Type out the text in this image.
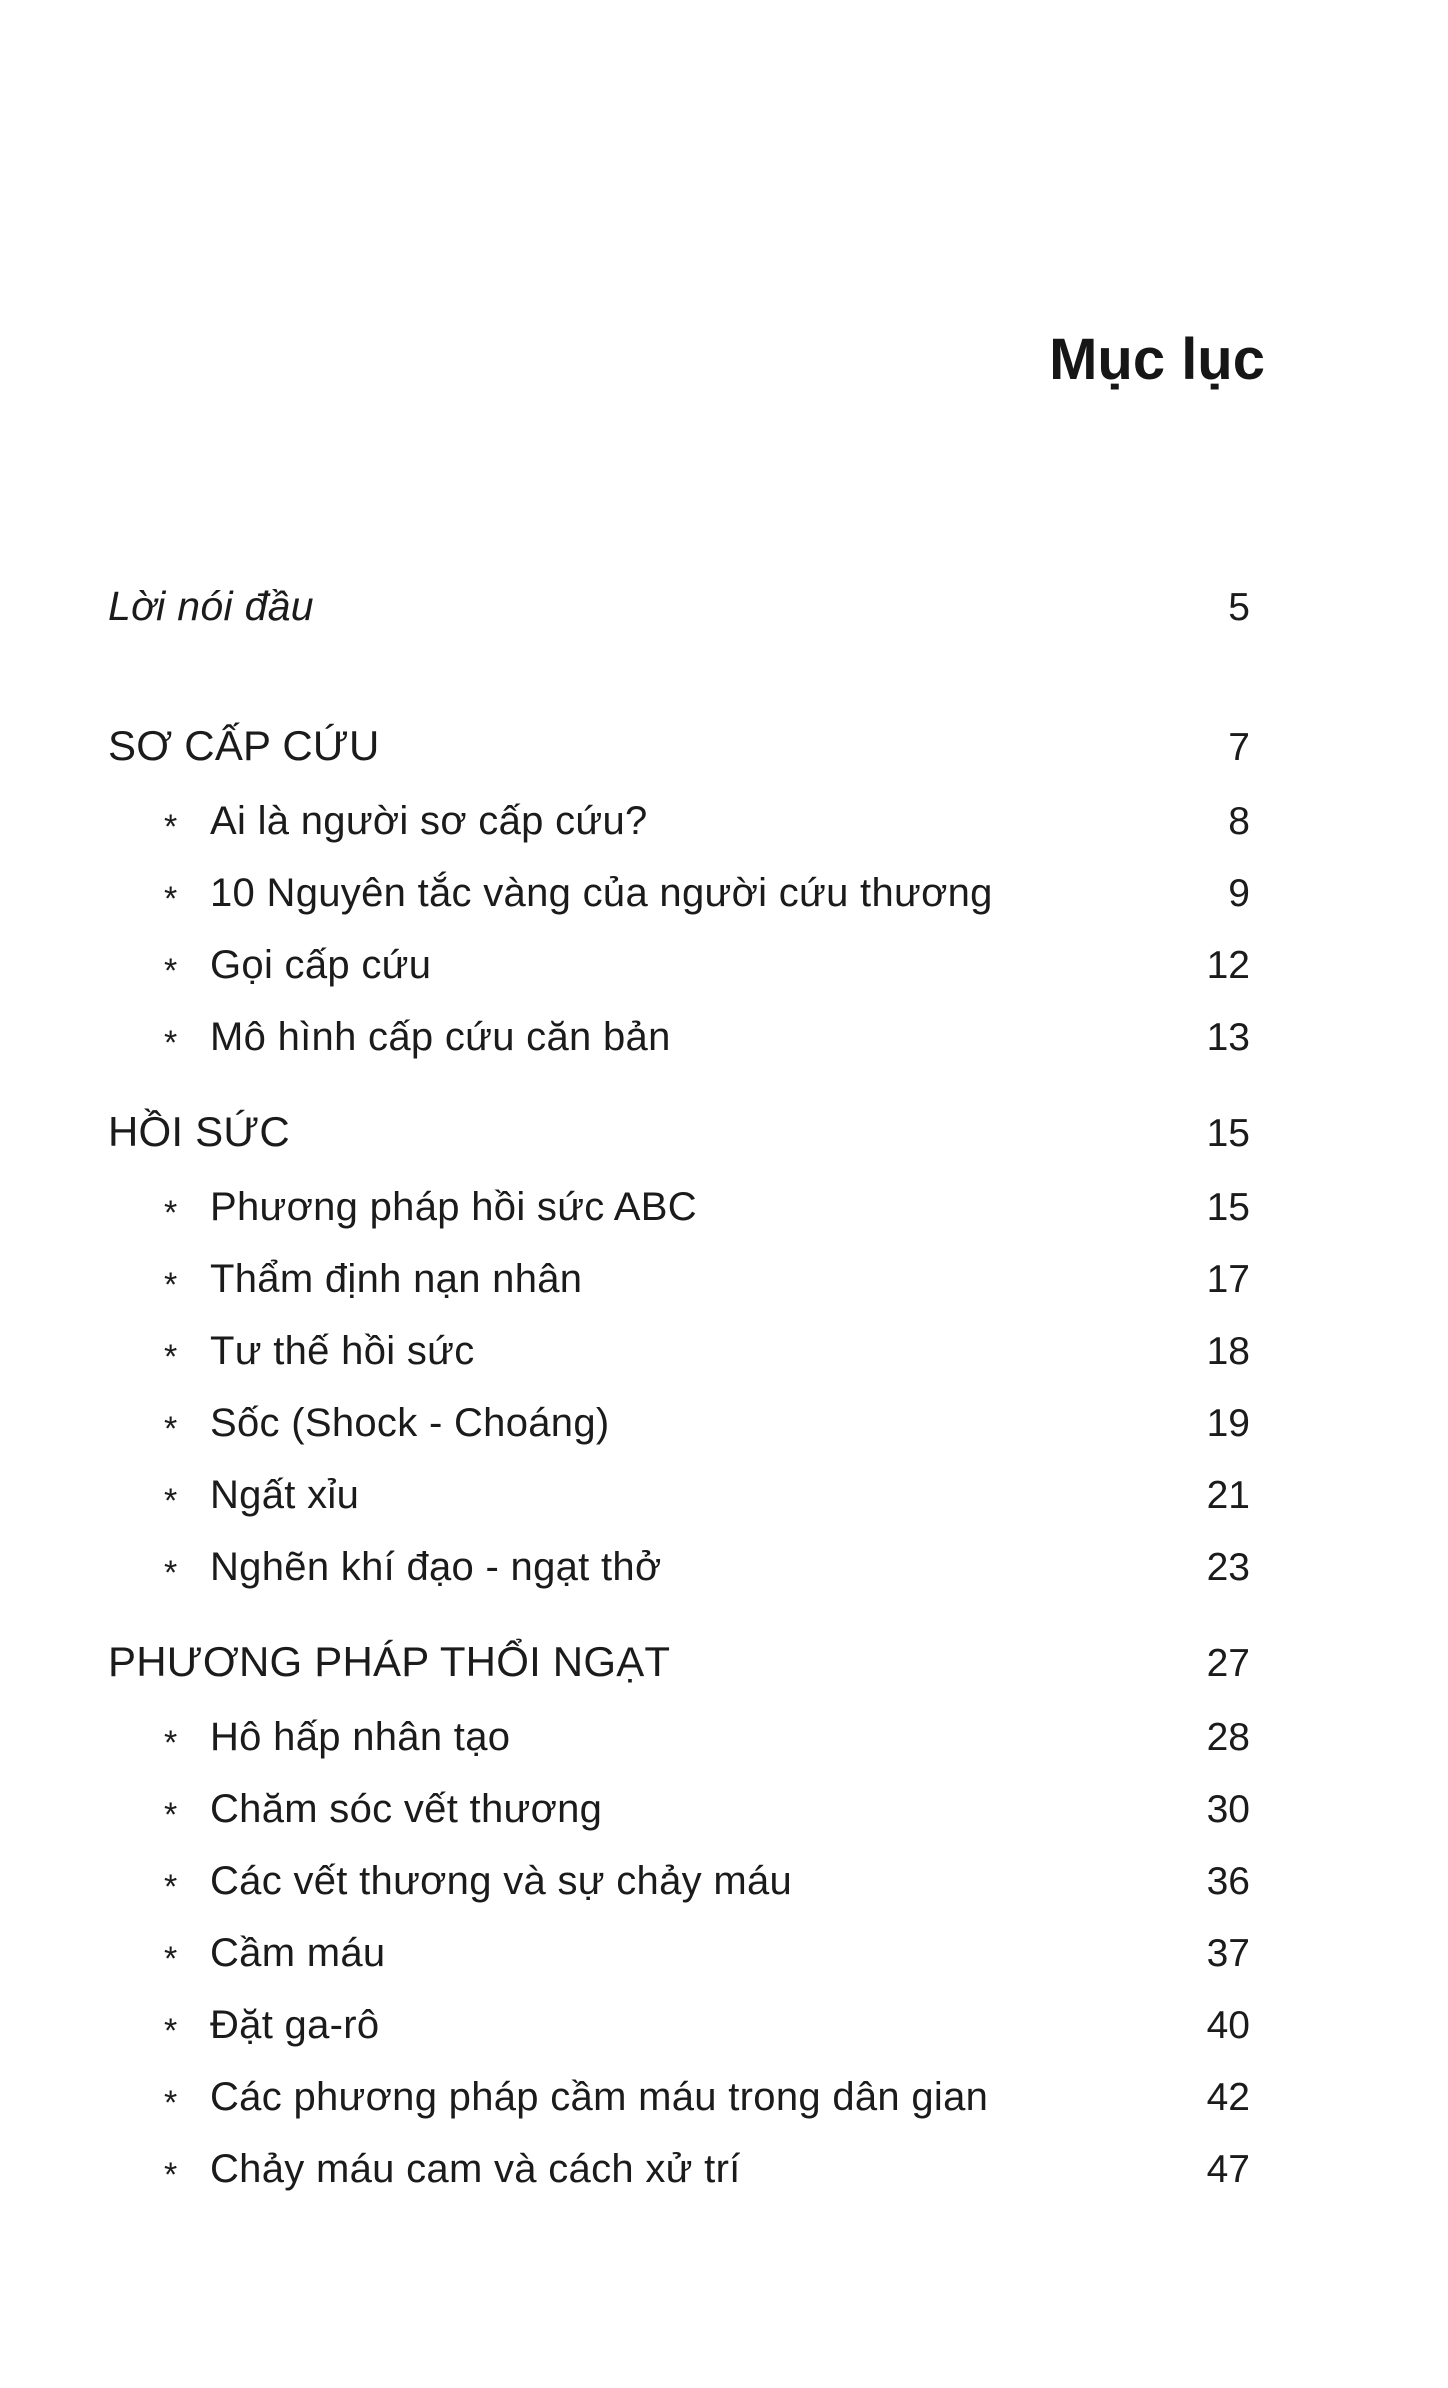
Mục lục
Lời nói đầu	5
SƠ CẤP CỨU	7
* Ai là người sơ cấp cứu?	8
* 10 Nguyên tắc vàng của người cứu thương	9
* Gọi cấp cứu	12
* Mô hình cấp cứu căn bản	13
HỒI SỨC	15
* Phương pháp hồi sức ABC	15
* Thẩm định nạn nhân	17
* Tư thế hồi sức	18
* Sốc (Shock - Choáng)	19
* Ngất xỉu	21
* Nghẽn khí đạo - ngạt thở	23
PHƯƠNG PHÁP THỔI NGẠT	27
* Hô hấp nhân tạo	28
* Chăm sóc vết thương	30
* Các vết thương và sự chảy máu	36
* Cầm máu	37
* Đặt ga-rô	40
* Các phương pháp cầm máu trong dân gian	42
* Chảy máu cam và cách xử trí	47
